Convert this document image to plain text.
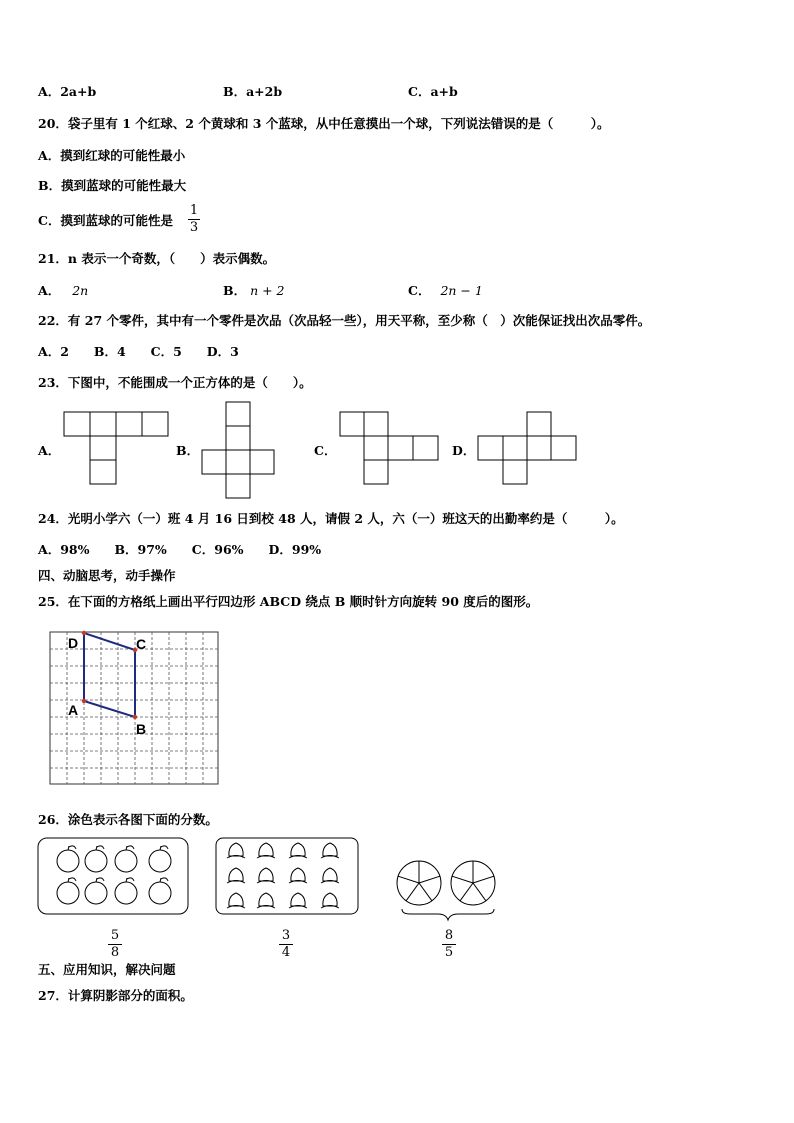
A．2a+b	B．a+2b	C．a+b
20．袋子里有 1 个红球、2 个黄球和 3 个蓝球，从中任意摸出一个球，下列说法错误的是（　　　）。
A．摸到红球的可能性最小
B．摸到蓝球的可能性最大
C．摸到蓝球的可能性是
1
3
21．n 表示一个奇数，（　　）表示偶数。
A． 2n	B． n + 2	C． 2n − 1
22．有 27 个零件，其中有一个零件是次品（次品轻一些），用天平称，至少称（　）次能保证找出次品零件。
A．2　　B．4　　C．5　　D．3
23．下图中，不能围成一个正方体的是（　　）。
A．	B．	C．	D．
24．光明小学六（一）班 4 月 16 日到校 48 人，请假 2 人，六（一）班这天的出勤率约是（　　　）。
A．98%　　B．97%　　C．96%　　D．99%
四、动脑思考，动手操作
25．在下面的方格纸上画出平行四边形 ABCD 绕点 B 顺时针方向旋转 90 度后的图形。
D	C
A
B
26．涂色表示各图下面的分数。
5
8
3
4
8
5
五、应用知识，解决问题
27．计算阴影部分的面积。
